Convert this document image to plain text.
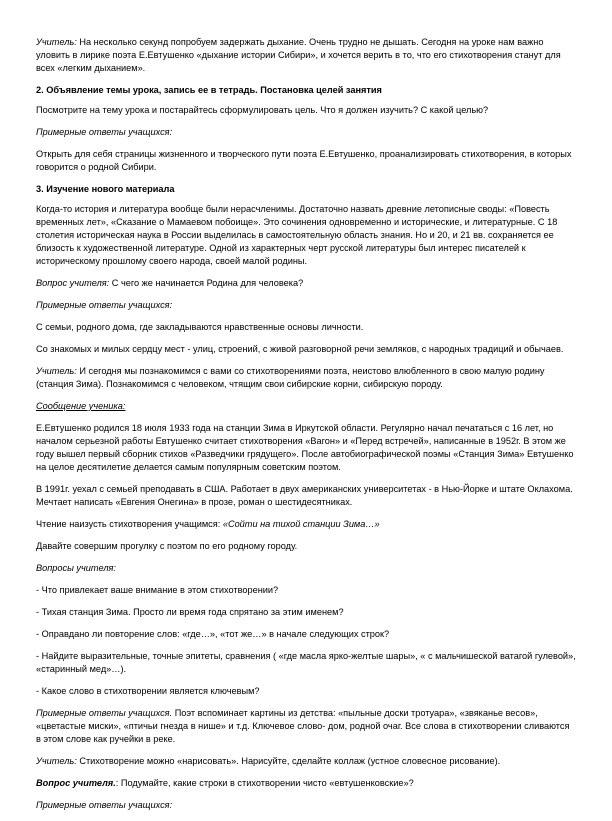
Учитель: На несколько секунд попробуем задержать дыхание. Очень трудно не дышать. Сегодня на уроке нам важно уловить в лирике поэта Е.Евтушенко «дыхание истории Сибири», и хочется верить в то, что его стихотворения станут для всех «легким дыханием».

2. Объявление темы урока, запись ее в тетрадь. Постановка целей занятия

Посмотрите на тему урока и постарайтесь сформулировать цель. Что я должен изучить? С какой целью?

Примерные ответы учащихся:

Открыть для себя страницы жизненного и творческого пути поэта Е.Евтушенко, проанализировать стихотворения, в которых говорится о родной Сибири.

3. Изучение нового материала

Когда-то история и литература вообще были нерасчленимы. Достаточно назвать древние летописные своды: «Повесть временных лет», «Сказание о Мамаевом побоище». Это сочинения одновременно и исторические, и литературные. С 18 столетия историческая наука в России выделилась в самостоятельную область знания. Но и 20, и 21 вв. сохраняется ее близость к художественной литературе. Одной из характерных черт русской литературы был интерес писателей к историческому прошлому своего народа, своей малой родины.

Вопрос учителя: С чего же начинается Родина для человека?

Примерные ответы учащихся:

С семьи, родного дома, где закладываются нравственные основы личности.

Со знакомых и милых сердцу мест - улиц, строений, с живой разговорной речи земляков, с народных традиций и обычаев.

Учитель: И сегодня мы познакомимся с вами со стихотворениями поэта, неистово влюбленного в свою малую родину (станция Зима). Познакомимся с человеком, чтящим свои сибирские корни, сибирскую породу.

Сообщение ученика:

Е.Евтушенко родился 18 июля 1933 года на станции Зима в Иркутской области. Регулярно начал печататься с 16 лет, но началом серьезной работы Евтушенко считает стихотворения «Вагон» и «Перед встречей», написанные в 1952г. В этом же году вышел первый сборник стихов «Разведчики грядущего». После автобиографической поэмы «Станция Зима» Евтушенко на целое десятилетие делается самым популярным советским поэтом.

В 1991г. уехал с семьей преподавать в США. Работает в двух американских университетах - в Нью-Йорке и штате Оклахома. Мечтает написать «Евгения Онегина» в прозе, роман о шестидесятниках.

Чтение наизусть стихотворения учащимся: «Сойти на тихой станции Зима…»

Давайте совершим прогулку с поэтом по его родному городу.

Вопросы учителя:

- Что привлекает ваше внимание в этом стихотворении?

- Тихая станция Зима. Просто ли время года спрятано за этим именем?

- Оправдано ли повторение слов: «где…», «тот же…» в начале следующих строк?

- Найдите выразительные, точные эпитеты, сравнения ( «где масла ярко-желтые шары», « с мальчишеской ватагой гулевой», «старинный мед»…).

- Какое слово в стихотворении является ключевым?

Примерные ответы учащихся. Поэт вспоминает картины из детства: «пыльные доски тротуара», «звяканье весов», «цветастые миски», «птичьи гнезда в нише» и т.д. Ключевое слово- дом, родной очаг. Все слова в стихотворении сливаются в этом слове как ручейки в реке.

Учитель: Стихотворение можно «нарисовать». Нарисуйте, сделайте коллаж (устное словесное рисование).

Вопрос учителя.: Подумайте, какие строки в стихотворении чисто «евтушенковские»?

Примерные ответы учащихся:
